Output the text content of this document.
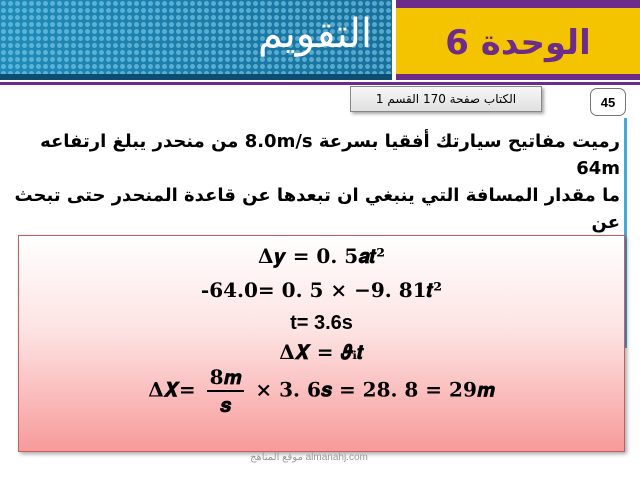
التقويم	الوحدة 6
الكتاب صفحة 170 القسم 1	45
رميت مفاتيح سيارتك أفقيا بسرعة 8.0m/s من منحدر يبلغ ارتفاعه 64m
ما مقدار المسافة التي ينبغي ان تبعدها عن قاعدة المنحدر حتى تبحث عن
Δ𝒚 = 𝟎. 𝟓𝒂𝒕²
-64.0= 𝟎. 𝟓 × −𝟗. 𝟖𝟏𝒕²
t= 3.6s
Δ𝑿 = 𝝑ᵢ𝒕
Δ𝑿= $\frac{\text{𝟖𝒎}}{\text{𝒔}}$ × 𝟑. 𝟔𝒔 = 𝟐𝟖. 𝟖 = 𝟐𝟗𝒎
موقع المناهج almanahj.com
